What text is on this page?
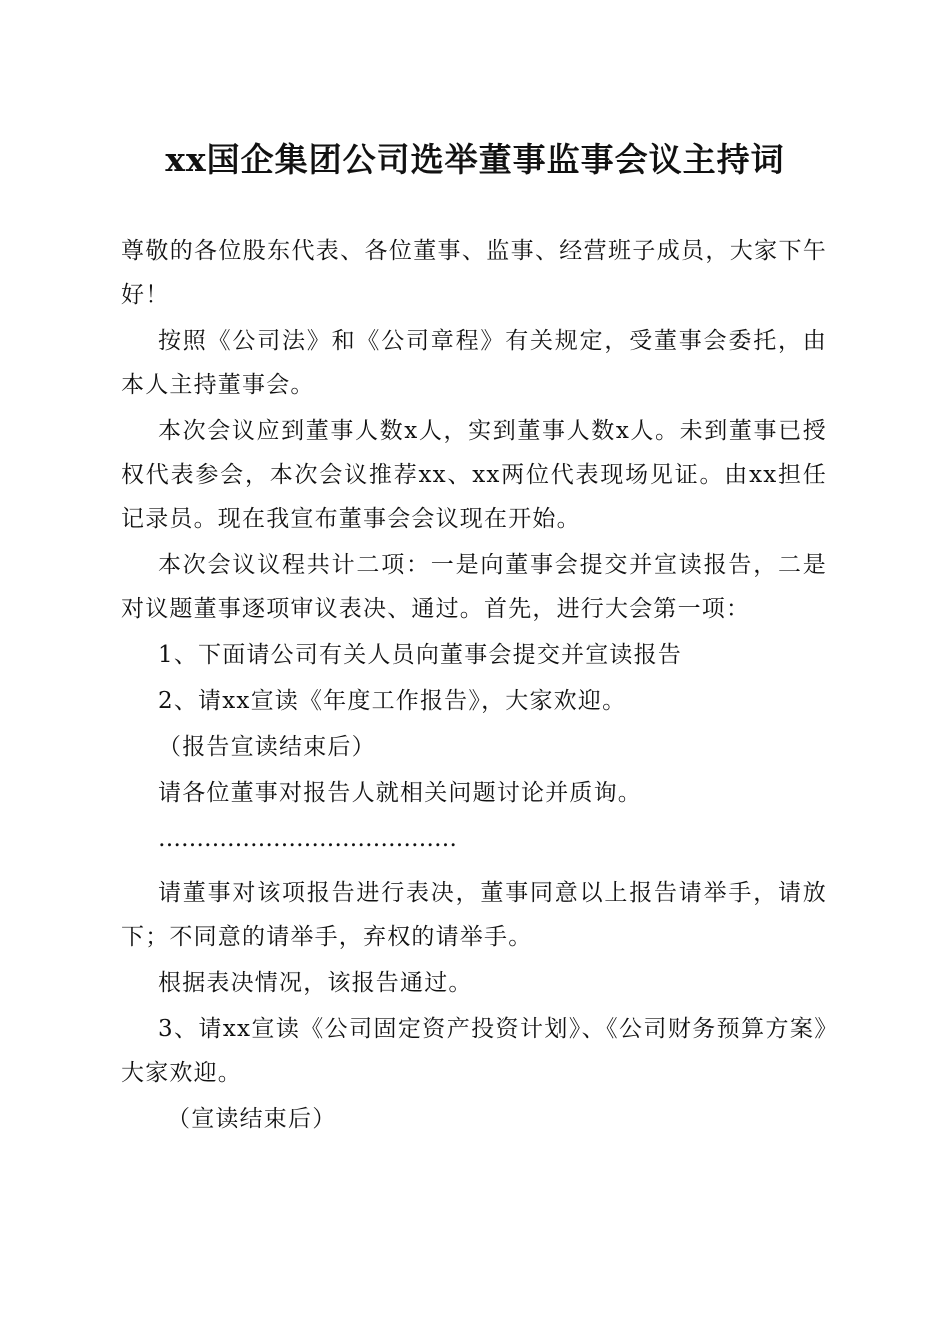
xx国企集团公司选举董事监事会议主持词

尊敬的各位股东代表、各位董事、监事、经营班子成员，大家下午好！

按照《公司法》和《公司章程》有关规定，受董事会委托，由本人主持董事会。

本次会议应到董事人数x人，实到董事人数x人。未到董事已授权代表参会，本次会议推荐xx、xx两位代表现场见证。由xx担任记录员。现在我宣布董事会会议现在开始。

本次会议议程共计二项：一是向董事会提交并宣读报告，二是对议题董事逐项审议表决、通过。首先，进行大会第一项：

1、下面请公司有关人员向董事会提交并宣读报告

2、请xx宣读《年度工作报告》，大家欢迎。

（报告宣读结束后）

请各位董事对报告人就相关问题讨论并质询。

…………………………………

请董事对该项报告进行表决，董事同意以上报告请举手，请放下；不同意的请举手，弃权的请举手。

根据表决情况，该报告通过。

3、请xx宣读《公司固定资产投资计划》、《公司财务预算方案》大家欢迎。

（宣读结束后）
